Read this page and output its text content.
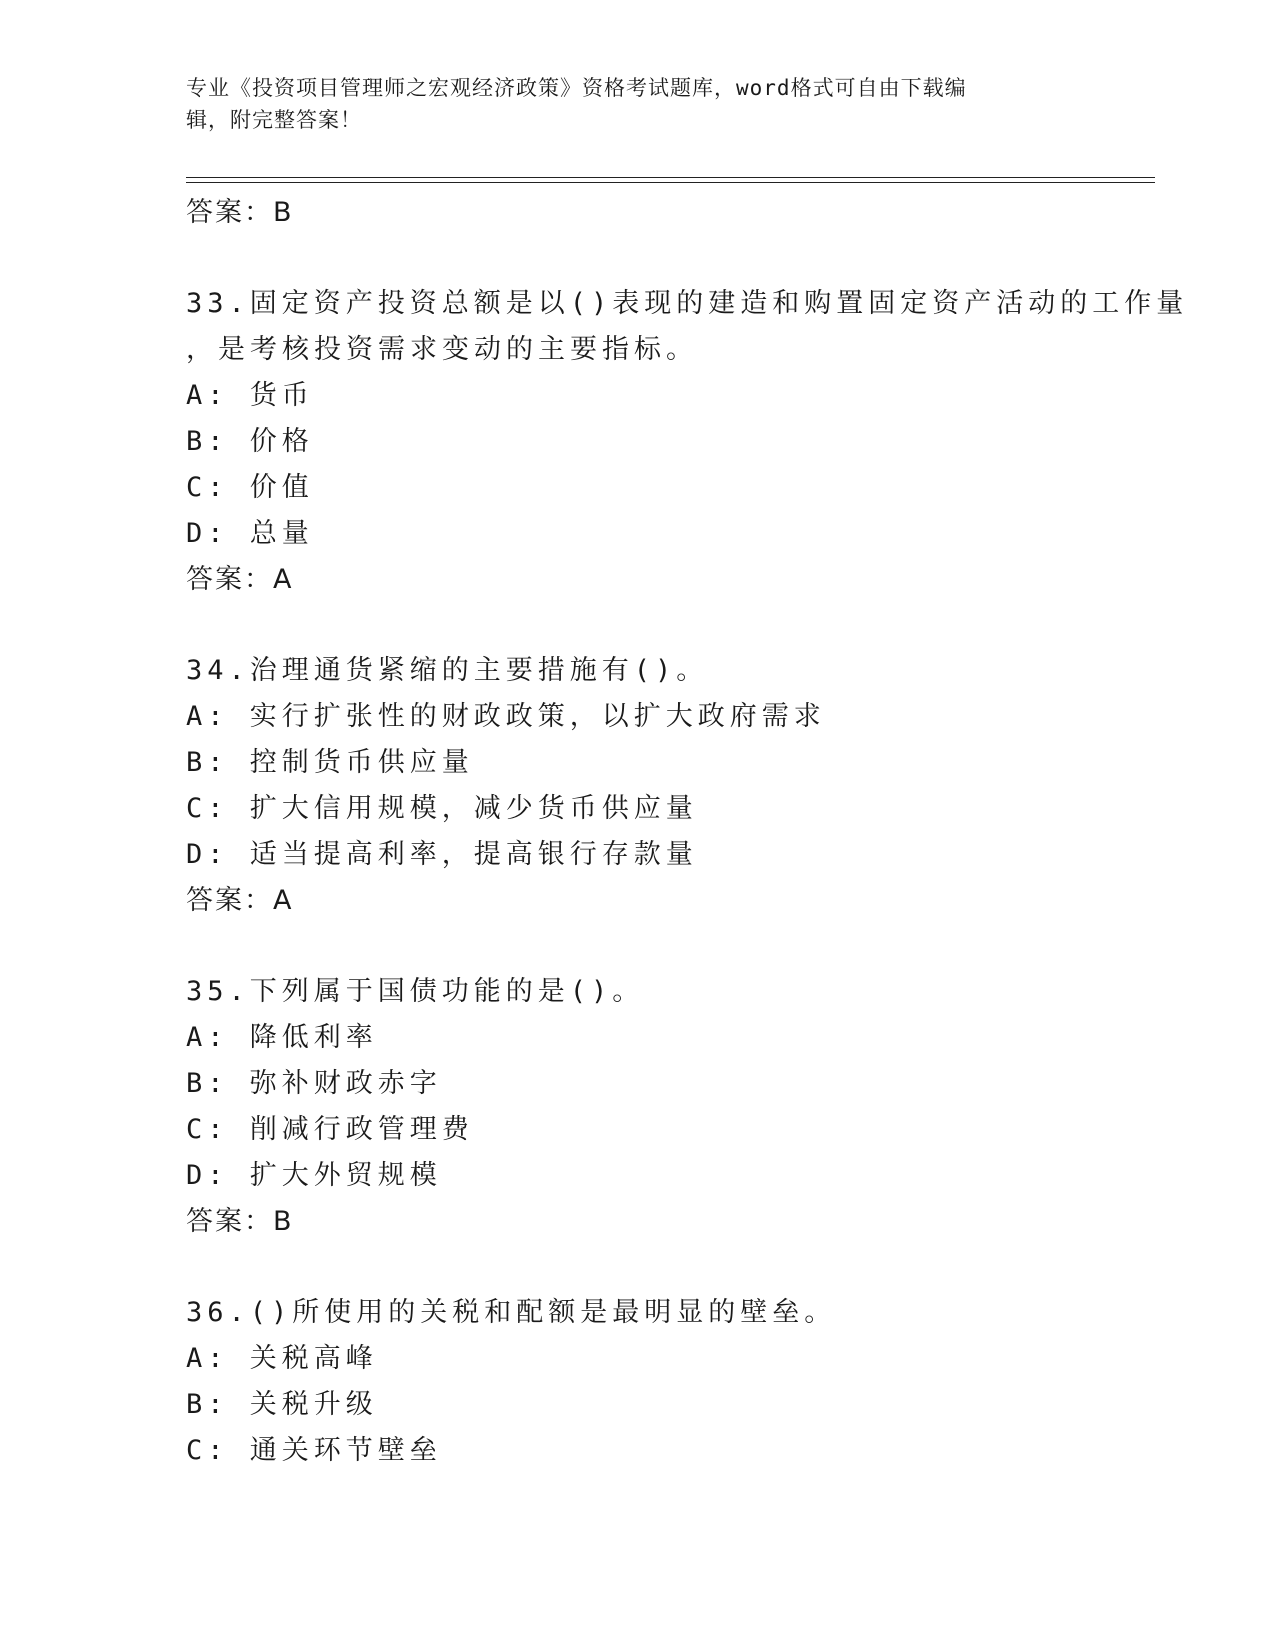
专业《投资项目管理师之宏观经济政策》资格考试题库，word格式可自由下载编
辑，附完整答案！
答案：B
33.固定资产投资总额是以()表现的建造和购置固定资产活动的工作量
，是考核投资需求变动的主要指标。
A: 货币
B: 价格
C: 价值
D: 总量
答案：A
34.治理通货紧缩的主要措施有()。
A: 实行扩张性的财政政策，以扩大政府需求
B: 控制货币供应量
C: 扩大信用规模，减少货币供应量
D: 适当提高利率，提高银行存款量
答案：A
35.下列属于国债功能的是()。
A: 降低利率
B: 弥补财政赤字
C: 削减行政管理费
D: 扩大外贸规模
答案：B
36.()所使用的关税和配额是最明显的壁垒。
A: 关税高峰
B: 关税升级
C: 通关环节壁垒
